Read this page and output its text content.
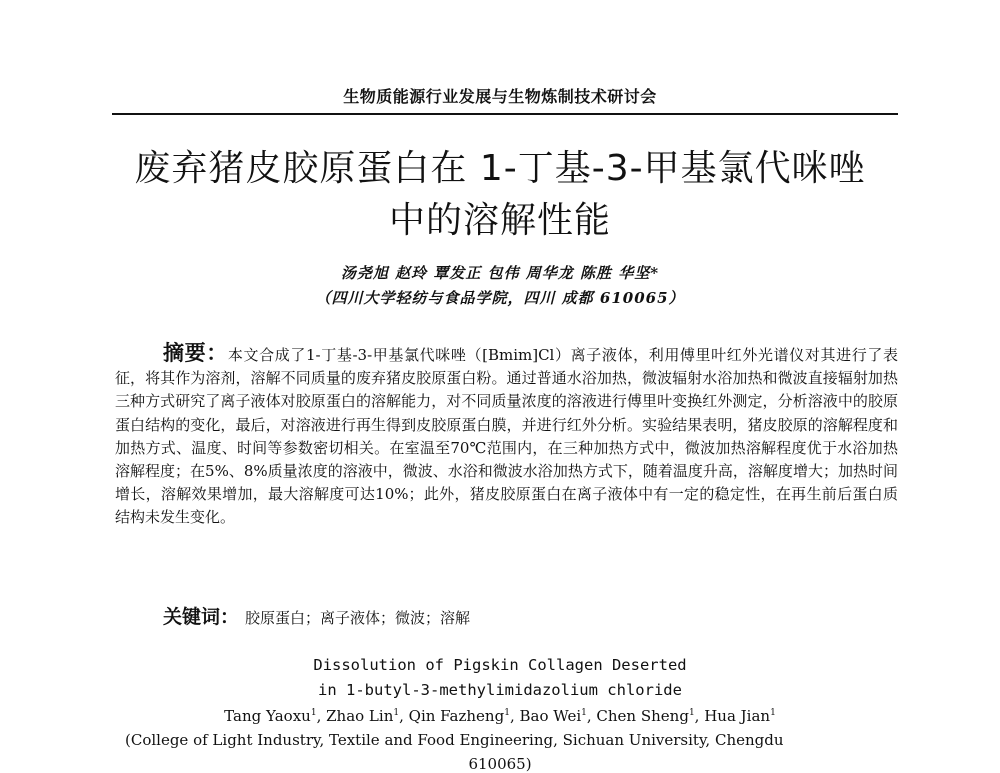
生物质能源行业发展与生物炼制技术研讨会
废弃猪皮胶原蛋白在 1-丁基-3-甲基氯代咪唑
中的溶解性能
汤尧旭 赵玲 覃发正 包伟 周华龙 陈胜 华坚*
（四川大学轻纺与食品学院，四川 成都 610065）
摘要：本文合成了1-丁基-3-甲基氯代咪唑（[Bmim]Cl）离子液体，利用傅里叶红外光谱仪对其进行了表征，将其作为溶剂，溶解不同质量的废弃猪皮胶原蛋白粉。通过普通水浴加热，微波辐射水浴加热和微波直接辐射加热三种方式研究了离子液体对胶原蛋白的溶解能力，对不同质量浓度的溶液进行傅里叶变换红外测定，分析溶液中的胶原蛋白结构的变化，最后，对溶液进行再生得到皮胶原蛋白膜，并进行红外分析。实验结果表明，猪皮胶原的溶解程度和加热方式、温度、时间等参数密切相关。在室温至70℃范围内，在三种加热方式中，微波加热溶解程度优于水浴加热溶解程度；在5%、8%质量浓度的溶液中，微波、水浴和微波水浴加热方式下，随着温度升高，溶解度增大；加热时间增长，溶解效果增加，最大溶解度可达10%；此外，猪皮胶原蛋白在离子液体中有一定的稳定性，在再生前后蛋白质结构未发生变化。
关键词： 胶原蛋白；离子液体；微波；溶解
Dissolution of Pigskin Collagen Deserted
in 1-butyl-3-methylimidazolium chloride
Tang Yaoxu$^1$, Zhao Lin$^1$, Qin Fazheng$^1$, Bao Wei$^1$, Chen Sheng$^1$, Hua Jian$^1$
(College of Light Industry, Textile and Food Engineering, Sichuan University, Chengdu
610065)
